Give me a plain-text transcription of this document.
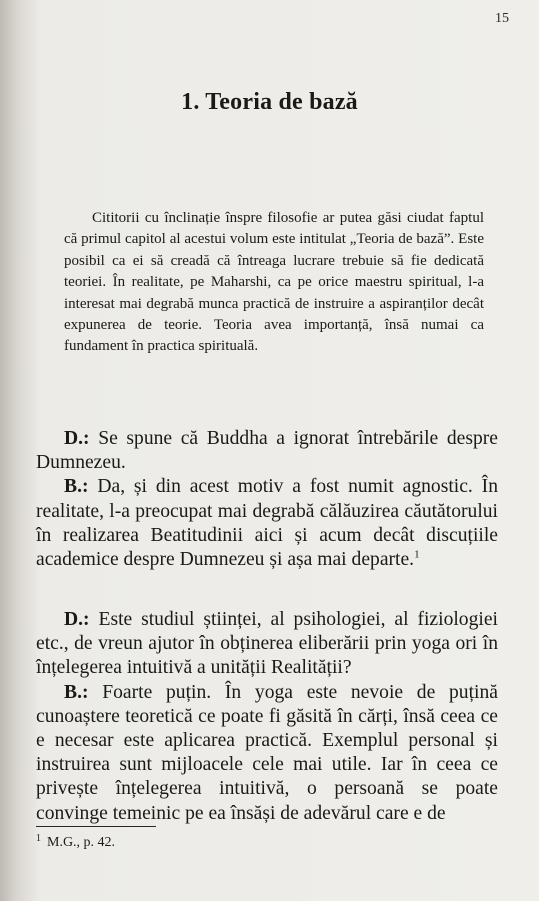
15
1. Teoria de bază

Cititorii cu înclinație înspre filosofie ar putea găsi ciudat faptul că primul capitol al acestui volum este intitulat „Teoria de bază”. Este posibil ca ei să creadă că întreaga lucrare trebuie să fie dedicată teoriei. În realitate, pe Maharshi, ca pe orice maestru spiritual, l-a interesat mai degrabă munca practică de instruire a aspiranților decât expunerea de teorie. Teoria avea importanță, însă numai ca fundament în practica spirituală.

D.: Se spune că Buddha a ignorat întrebările despre Dumnezeu.

B.: Da, și din acest motiv a fost numit agnostic. În realitate, l-a preocupat mai degrabă călăuzirea căutătorului în realizarea Beatitudinii aici și acum decât discuțiile academice despre Dumnezeu și așa mai departe.$^1$

D.: Este studiul științei, al psihologiei, al fiziologiei etc., de vreun ajutor în obținerea eliberării prin yoga ori în înțelegerea intuitivă a unității Realității?

B.: Foarte puțin. În yoga este nevoie de puțină cunoaștere teoretică ce poate fi găsită în cărți, însă ceea ce e necesar este aplicarea practică. Exemplul personal și instruirea sunt mijloacele cele mai utile. Iar în ceea ce privește înțelegerea intuitivă, o persoană se poate convinge temeinic pe ea însăși de adevărul care e de

$^1$ M.G., p. 42.
